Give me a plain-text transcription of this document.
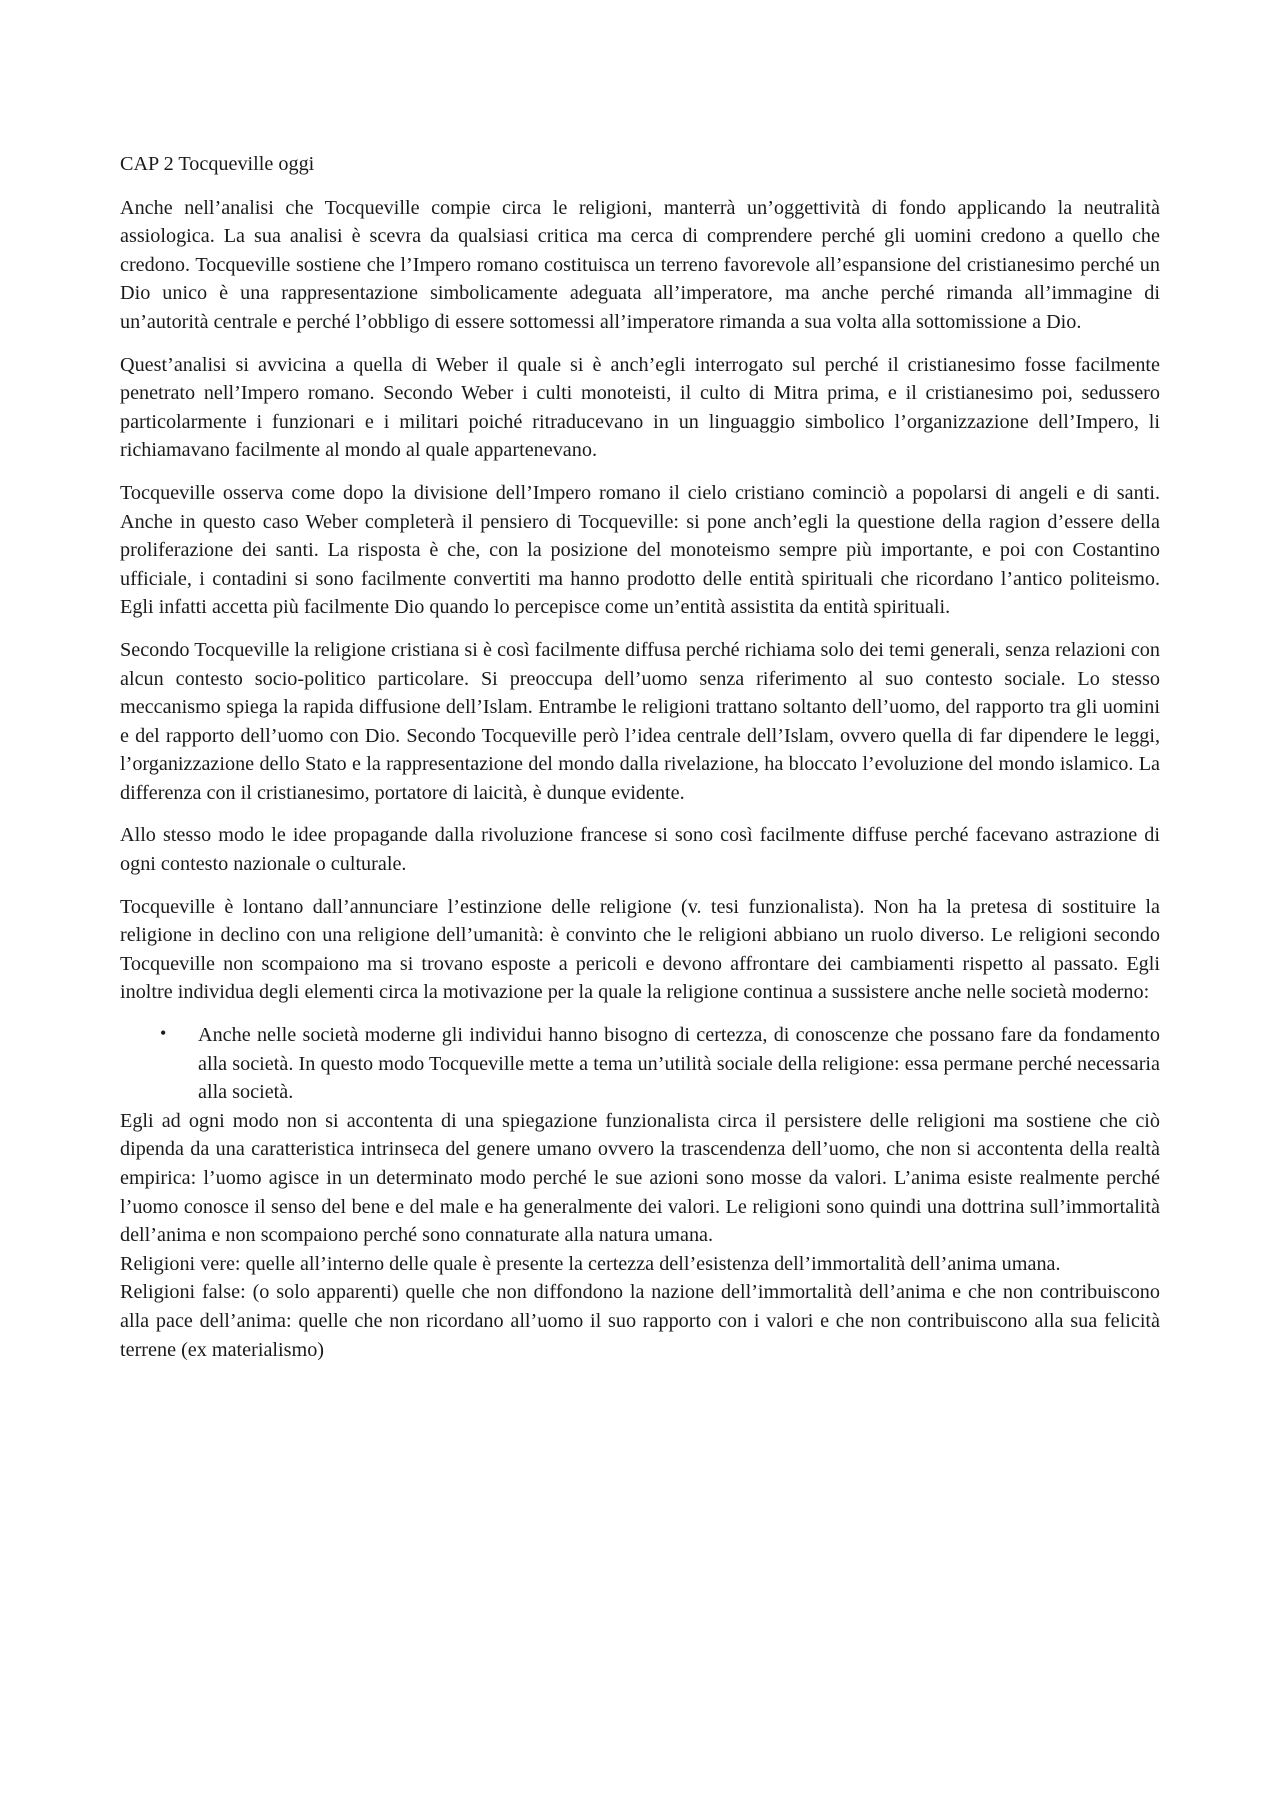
CAP 2 Tocqueville oggi

Anche nell’analisi che Tocqueville compie circa le religioni, manterrà un’oggettività di fondo applicando la neutralità assiologica. La sua analisi è scevra da qualsiasi critica ma cerca di comprendere perché gli uomini credono a quello che credono. Tocqueville sostiene che l’Impero romano costituisca un terreno favorevole all’espansione del cristianesimo perché un Dio unico è una rappresentazione simbolicamente adeguata all’imperatore, ma anche perché rimanda all’immagine di un’autorità centrale e perché l’obbligo di essere sottomessi all’imperatore rimanda a sua volta alla sottomissione a Dio.

Quest’analisi si avvicina a quella di Weber il quale si è anch’egli interrogato sul perché il cristianesimo fosse facilmente penetrato nell’Impero romano. Secondo Weber i culti monoteisti, il culto di Mitra prima, e il cristianesimo poi, sedussero particolarmente i funzionari e i militari poiché ritraducevano in un linguaggio simbolico l’organizzazione dell’Impero, li richiamavano facilmente al mondo al quale appartenevano.

Tocqueville osserva come dopo la divisione dell’Impero romano il cielo cristiano cominciò a popolarsi di angeli e di santi. Anche in questo caso Weber completerà il pensiero di Tocqueville: si pone anch’egli la questione della ragion d’essere della proliferazione dei santi. La risposta è che, con la posizione del monoteismo sempre più importante, e poi con Costantino ufficiale, i contadini si sono facilmente convertiti ma hanno prodotto delle entità spirituali che ricordano l’antico politeismo. Egli infatti accetta più facilmente Dio quando lo percepisce come un’entità assistita da entità spirituali.

Secondo Tocqueville la religione cristiana si è così facilmente diffusa perché richiama solo dei temi generali, senza relazioni con alcun contesto socio-politico particolare. Si preoccupa dell’uomo senza riferimento al suo contesto sociale. Lo stesso meccanismo spiega la rapida diffusione dell’Islam. Entrambe le religioni trattano soltanto dell’uomo, del rapporto tra gli uomini e del rapporto dell’uomo con Dio. Secondo Tocqueville però l’idea centrale dell’Islam, ovvero quella di far dipendere le leggi, l’organizzazione dello Stato e la rappresentazione del mondo dalla rivelazione, ha bloccato l’evoluzione del mondo islamico. La differenza con il cristianesimo, portatore di laicità, è dunque evidente.

Allo stesso modo le idee propagande dalla rivoluzione francese si sono così facilmente diffuse perché facevano astrazione di ogni contesto nazionale o culturale.

Tocqueville è lontano dall’annunciare l’estinzione delle religione (v. tesi funzionalista). Non ha la pretesa di sostituire la religione in declino con una religione dell’umanità: è convinto che le religioni abbiano un ruolo diverso. Le religioni secondo Tocqueville non scompaiono ma si trovano esposte a pericoli e devono affrontare dei cambiamenti rispetto al passato. Egli inoltre individua degli elementi circa la motivazione per la quale la religione continua a sussistere anche nelle società moderno:

• Anche nelle società moderne gli individui hanno bisogno di certezza, di conoscenze che possano fare da fondamento alla società. In questo modo Tocqueville mette a tema un’utilità sociale della religione: essa permane perché necessaria alla società.

Egli ad ogni modo non si accontenta di una spiegazione funzionalista circa il persistere delle religioni ma sostiene che ciò dipenda da una caratteristica intrinseca del genere umano ovvero la trascendenza dell’uomo, che non si accontenta della realtà empirica: l’uomo agisce in un determinato modo perché le sue azioni sono mosse da valori. L’anima esiste realmente perché l’uomo conosce il senso del bene e del male e ha generalmente dei valori. Le religioni sono quindi una dottrina sull’immortalità dell’anima e non scompaiono perché sono connaturate alla natura umana.

Religioni vere: quelle all’interno delle quale è presente la certezza dell’esistenza dell’immortalità dell’anima umana.

Religioni false: (o solo apparenti) quelle che non diffondono la nazione dell’immortalità dell’anima e che non contribuiscono alla pace dell’anima: quelle che non ricordano all’uomo il suo rapporto con i valori e che non contribuiscono alla sua felicità terrene (ex materialismo)
